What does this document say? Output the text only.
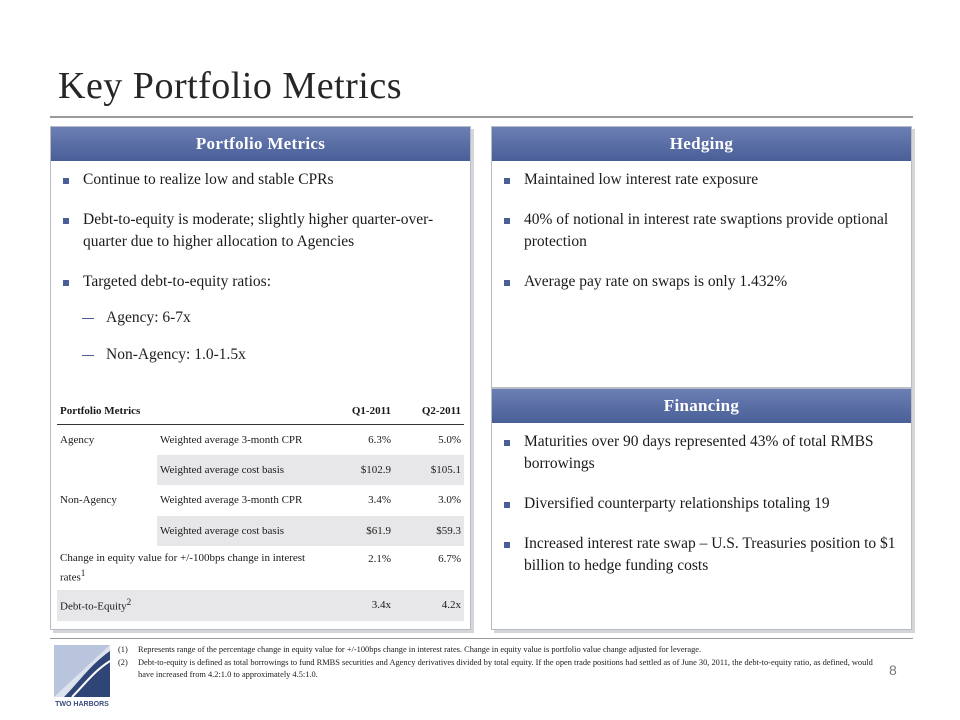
Key Portfolio Metrics
Portfolio Metrics
Continue to realize low and stable CPRs
Debt-to-equity is moderate; slightly higher quarter-over-quarter due to higher allocation to Agencies
Targeted debt-to-equity ratios:
Agency: 6-7x
Non-Agency: 1.0-1.5x
Portfolio Metrics		Q1-2011	Q2-2011
Agency	Weighted average 3-month CPR	6.3%	5.0%
	Weighted average cost basis	$102.9	$105.1
Non-Agency	Weighted average 3-month CPR	3.4%	3.0%
	Weighted average cost basis	$61.9	$59.3
Change in equity value for +/-100bps change in interest rates$^1$		2.1%	6.7%
Debt-to-Equity$^2$		3.4x	4.2x
Hedging
Maintained low interest rate exposure
40% of notional in interest rate swaptions provide optional protection
Average pay rate on swaps is only 1.432%
Financing
Maturities over 90 days represented 43% of total RMBS borrowings
Diversified counterparty relationships totaling 19
Increased interest rate swap – U.S. Treasuries position to $1 billion to hedge funding costs
TWO HARBORS
(1)	Represents range of the percentage change in equity value for +/-100bps change in interest rates. Change in equity value is portfolio value change adjusted for leverage.
(2)	Debt-to-equity is defined as total borrowings to fund RMBS securities and Agency derivatives divided by total equity. If the open trade positions had settled as of June 30, 2011, the debt-to-equity ratio, as defined, would have increased from 4.2:1.0 to approximately 4.5:1.0.	8
